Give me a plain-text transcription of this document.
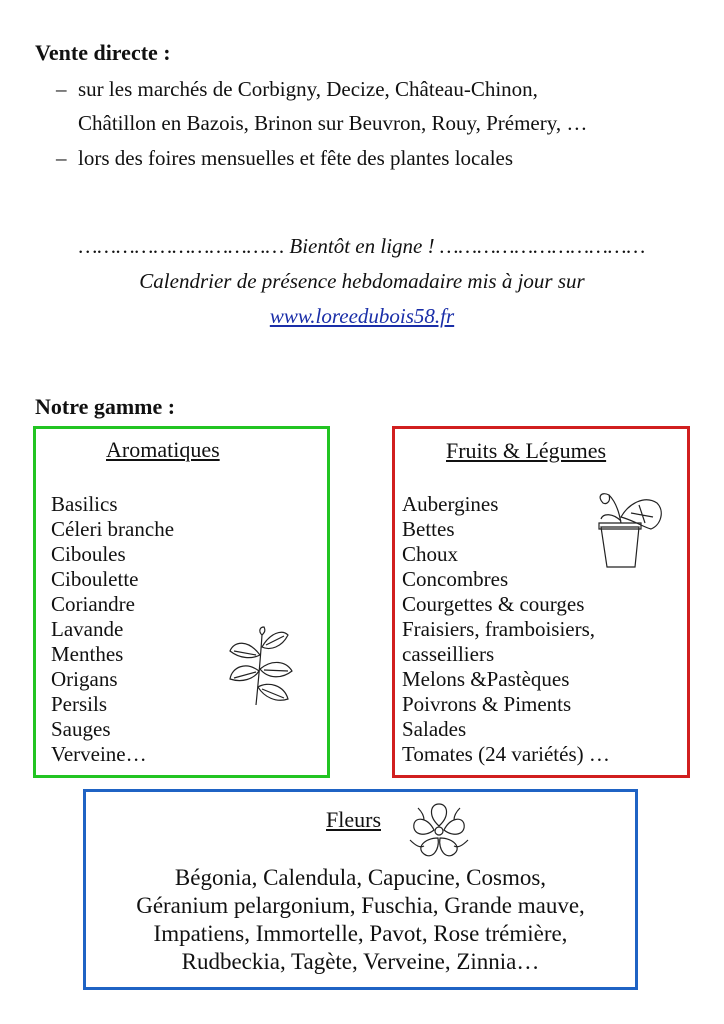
Vente directe :
– sur les marchés de Corbigny, Decize, Château-Chinon,
Châtillon en Bazois, Brinon sur Beuvron, Rouy, Prémery, …
– lors des foires mensuelles et fête des plantes locales
…………………………… Bientôt en ligne ! ……………………………
Calendrier de présence hebdomadaire mis à jour sur
www.loreedubois58.fr
Notre gamme :
Aromatiques
Basilics
Céleri branche
Ciboules
Ciboulette
Coriandre
Lavande
Menthes
Origans
Persils
Sauges
Verveine…
Fruits & Légumes
Aubergines
Bettes
Choux
Concombres
Courgettes & courges
Fraisiers, framboisiers,
casseilliers
Melons &Pastèques
Poivrons & Piments
Salades
Tomates (24 variétés) …
Fleurs
Bégonia, Calendula, Capucine, Cosmos,
Géranium pelargonium, Fuschia, Grande mauve,
Impatiens, Immortelle, Pavot, Rose trémière,
Rudbeckia, Tagète, Verveine, Zinnia…
